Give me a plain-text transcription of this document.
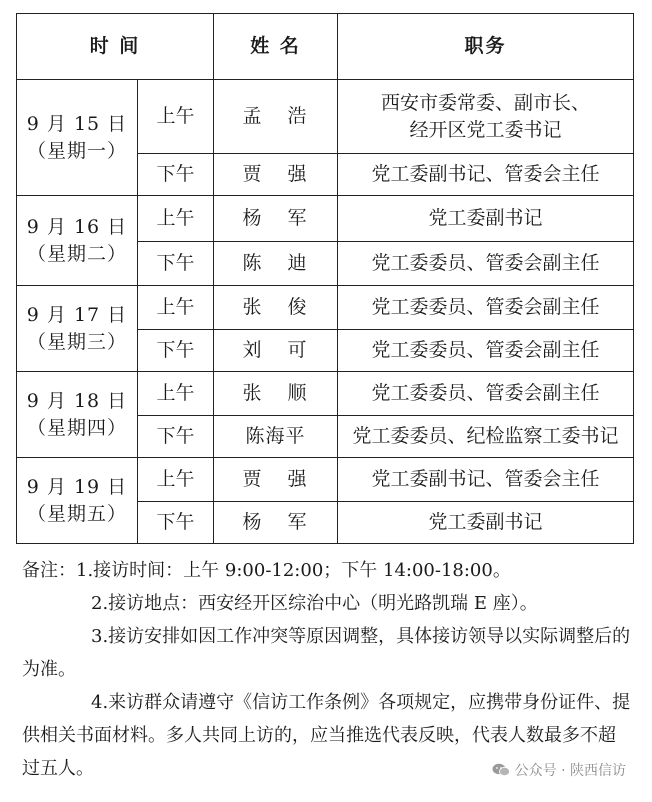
时 间		姓 名	职务

9 月 15 日
（星期一）	上午	孟 浩	西安市委常委、副市长、
经开区党工委书记

	下午	贾 强	党工委副书记、管委会主任

9 月 16 日
（星期二）	上午	杨 军	党工委副书记

	下午	陈 迪	党工委委员、管委会副主任

9 月 17 日
（星期三）	上午	张 俊	党工委委员、管委会副主任

	下午	刘 可	党工委委员、管委会副主任

9 月 18 日
（星期四）	上午	张 顺	党工委委员、管委会副主任

	下午	陈海平	党工委委员、纪检监察工委书记

9 月 19 日
（星期五）	上午	贾 强	党工委副书记、管委会主任

	下午	杨 军	党工委副书记

备注：1.接访时间：上午 9:00-12:00；下午 14:00-18:00。

2.接访地点：西安经开区综治中心（明光路凯瑞 E 座）。

3.接访安排如因工作冲突等原因调整，具体接访领导以实际调整后的为准。

4.来访群众请遵守《信访工作条例》各项规定，应携带身份证件、提供相关书面材料。多人共同上访的，应当推选代表反映，代表人数最多不超过五人。	公众号 · 陕西信访
